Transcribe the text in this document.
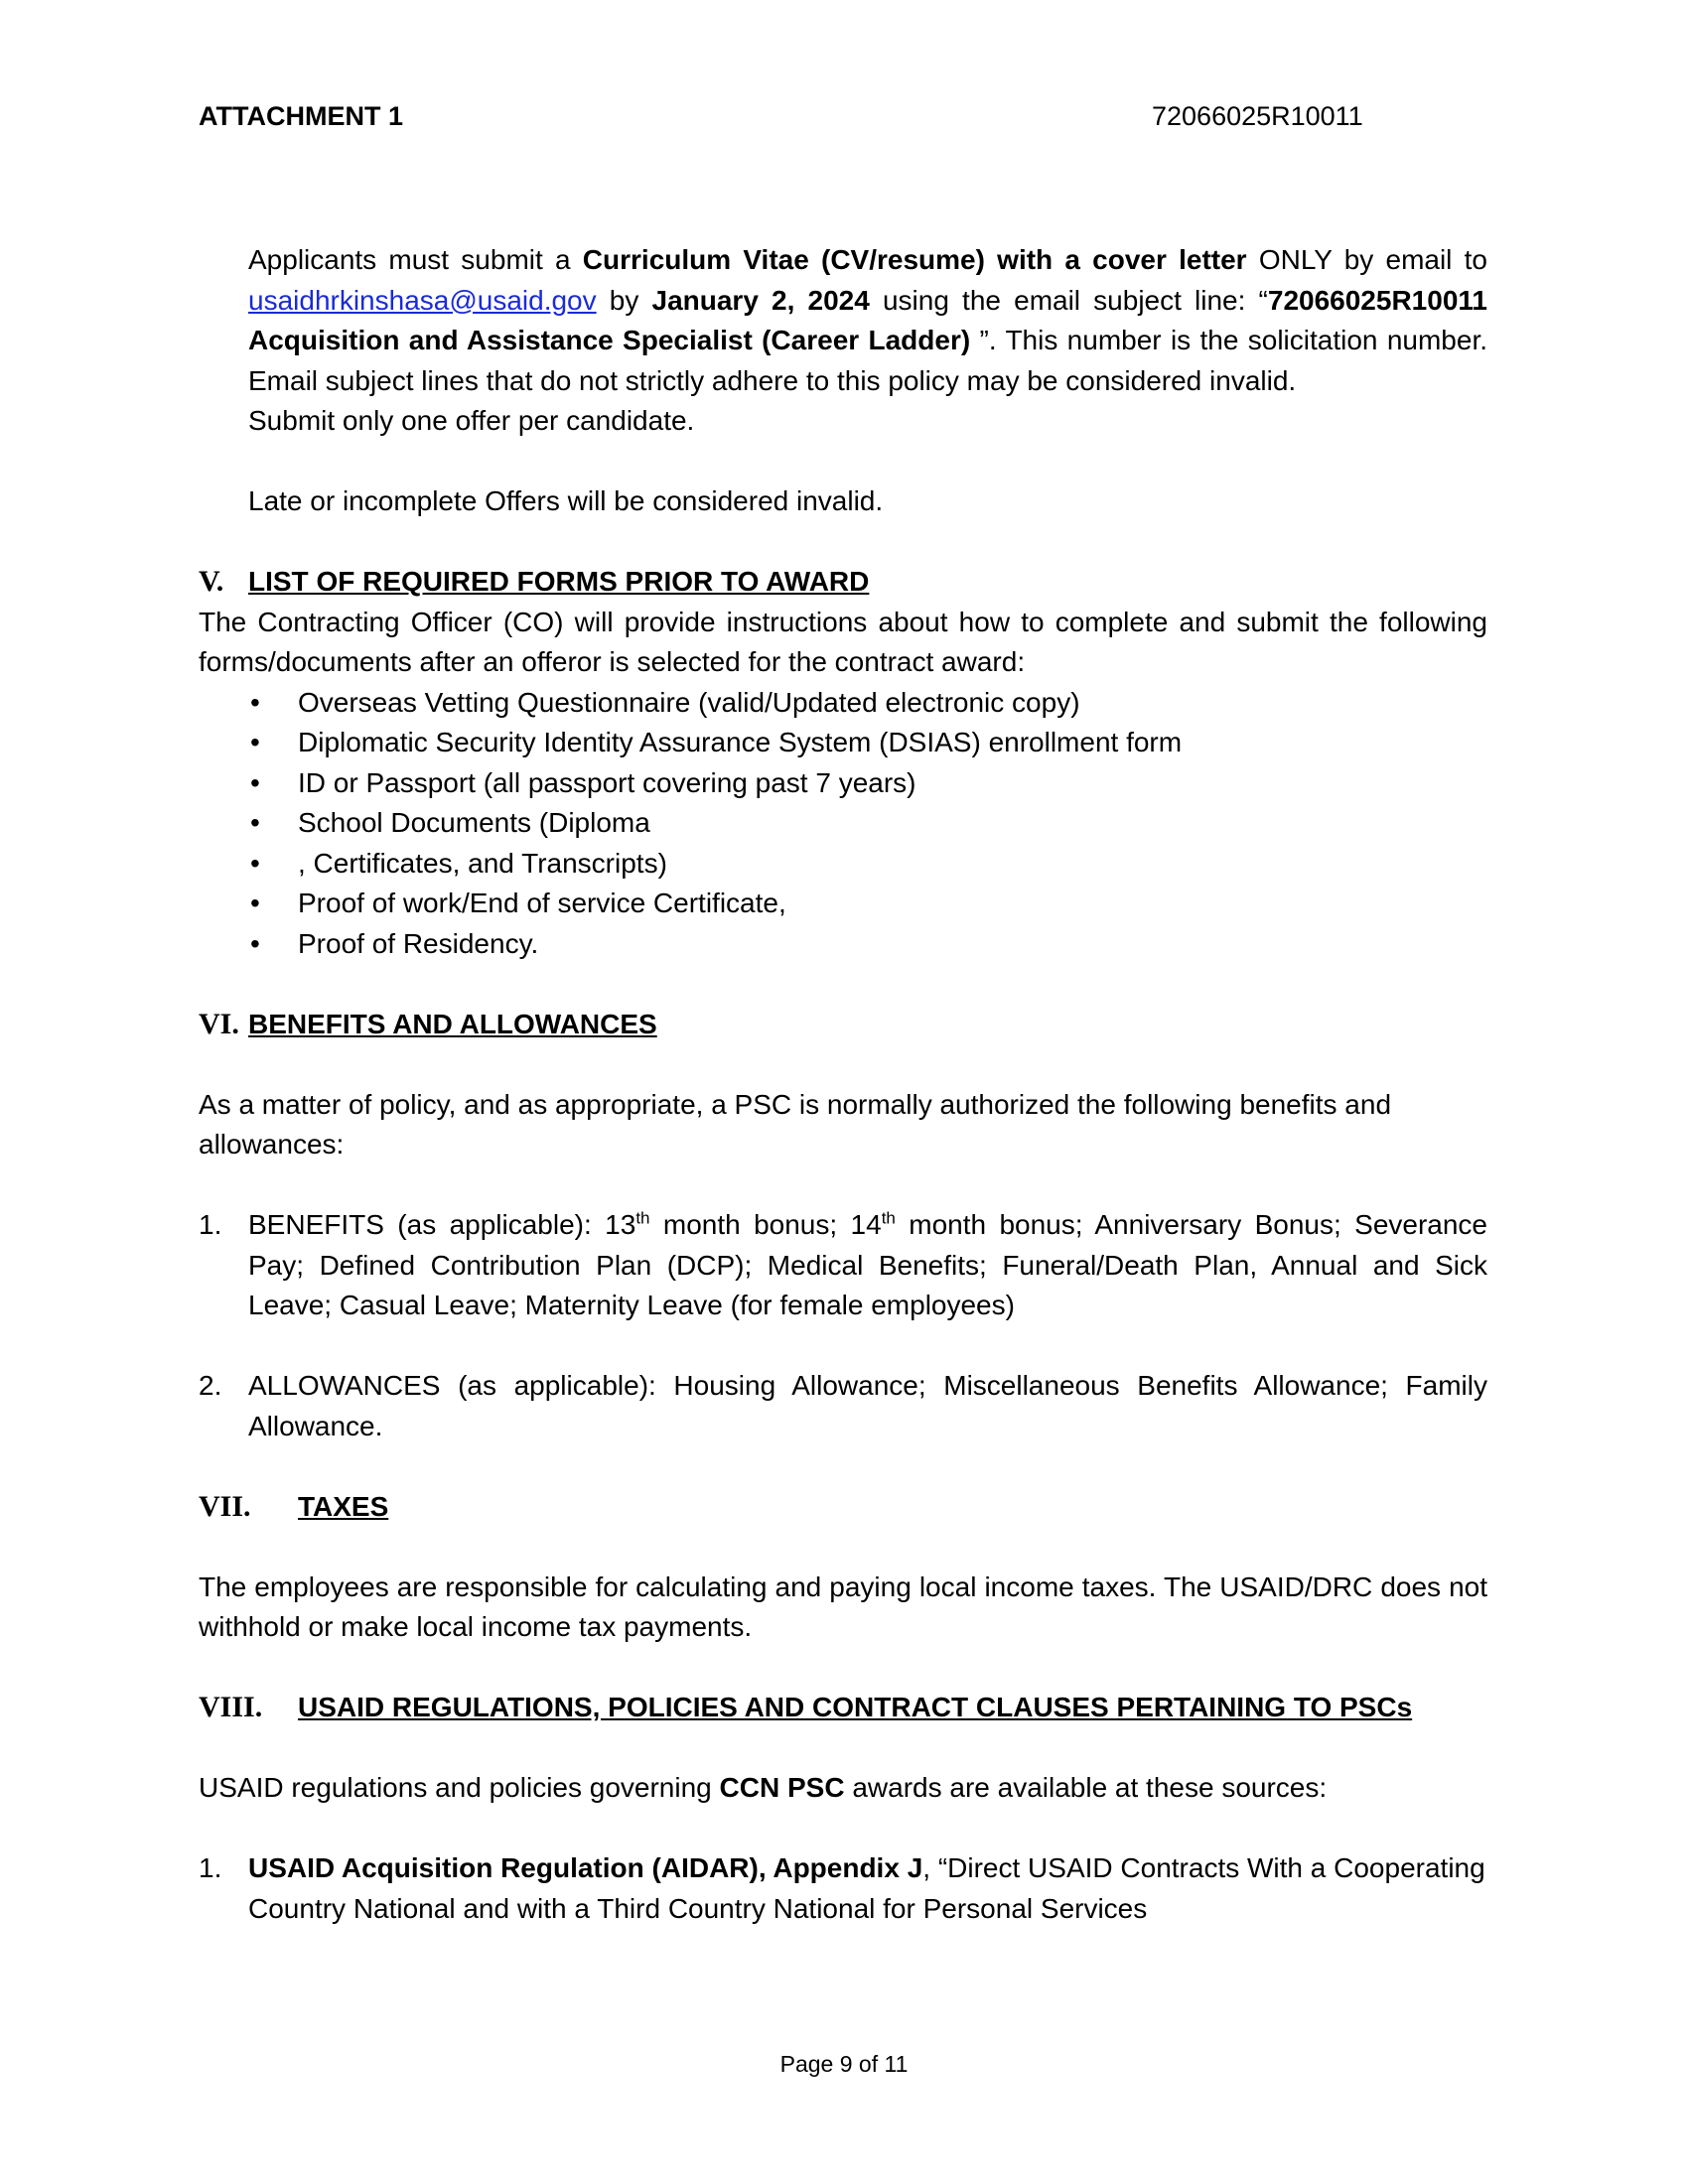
ATTACHMENT 1	72066025R10011

Applicants must submit a Curriculum Vitae (CV/resume) with a cover letter ONLY by email to usaidhrkinshasa@usaid.gov by January 2, 2024 using the email subject line: “72066025R10011 Acquisition and Assistance Specialist (Career Ladder) ”. This number is the solicitation number. Email subject lines that do not strictly adhere to this policy may be considered invalid.

Submit only one offer per candidate.

Late or incomplete Offers will be considered invalid.

V. LIST OF REQUIRED FORMS PRIOR TO AWARD

The Contracting Officer (CO) will provide instructions about how to complete and submit the following forms/documents after an offeror is selected for the contract award:

• Overseas Vetting Questionnaire (valid/Updated electronic copy)
• Diplomatic Security Identity Assurance System (DSIAS) enrollment form
• ID or Passport (all passport covering past 7 years)
• School Documents (Diploma
• , Certificates, and Transcripts)
• Proof of work/End of service Certificate,
• Proof of Residency.
VI. BENEFITS AND ALLOWANCES

As a matter of policy, and as appropriate, a PSC is normally authorized the following benefits and allowances:

1. BENEFITS (as applicable): 13th month bonus; 14th month bonus; Anniversary Bonus; Severance Pay; Defined Contribution Plan (DCP); Medical Benefits; Funeral/Death Plan, Annual and Sick Leave; Casual Leave; Maternity Leave (for female employees)
2. ALLOWANCES (as applicable): Housing Allowance; Miscellaneous Benefits Allowance; Family Allowance.
VII.	TAXES

The employees are responsible for calculating and paying local income taxes. The USAID/DRC does not withhold or make local income tax payments.

VIII.	USAID REGULATIONS, POLICIES AND CONTRACT CLAUSES PERTAINING TO PSCs

USAID regulations and policies governing CCN PSC awards are available at these sources:

1. USAID Acquisition Regulation (AIDAR), Appendix J, “Direct USAID Contracts With a Cooperating Country National and with a Third Country National for Personal Services
Page 9 of 11
